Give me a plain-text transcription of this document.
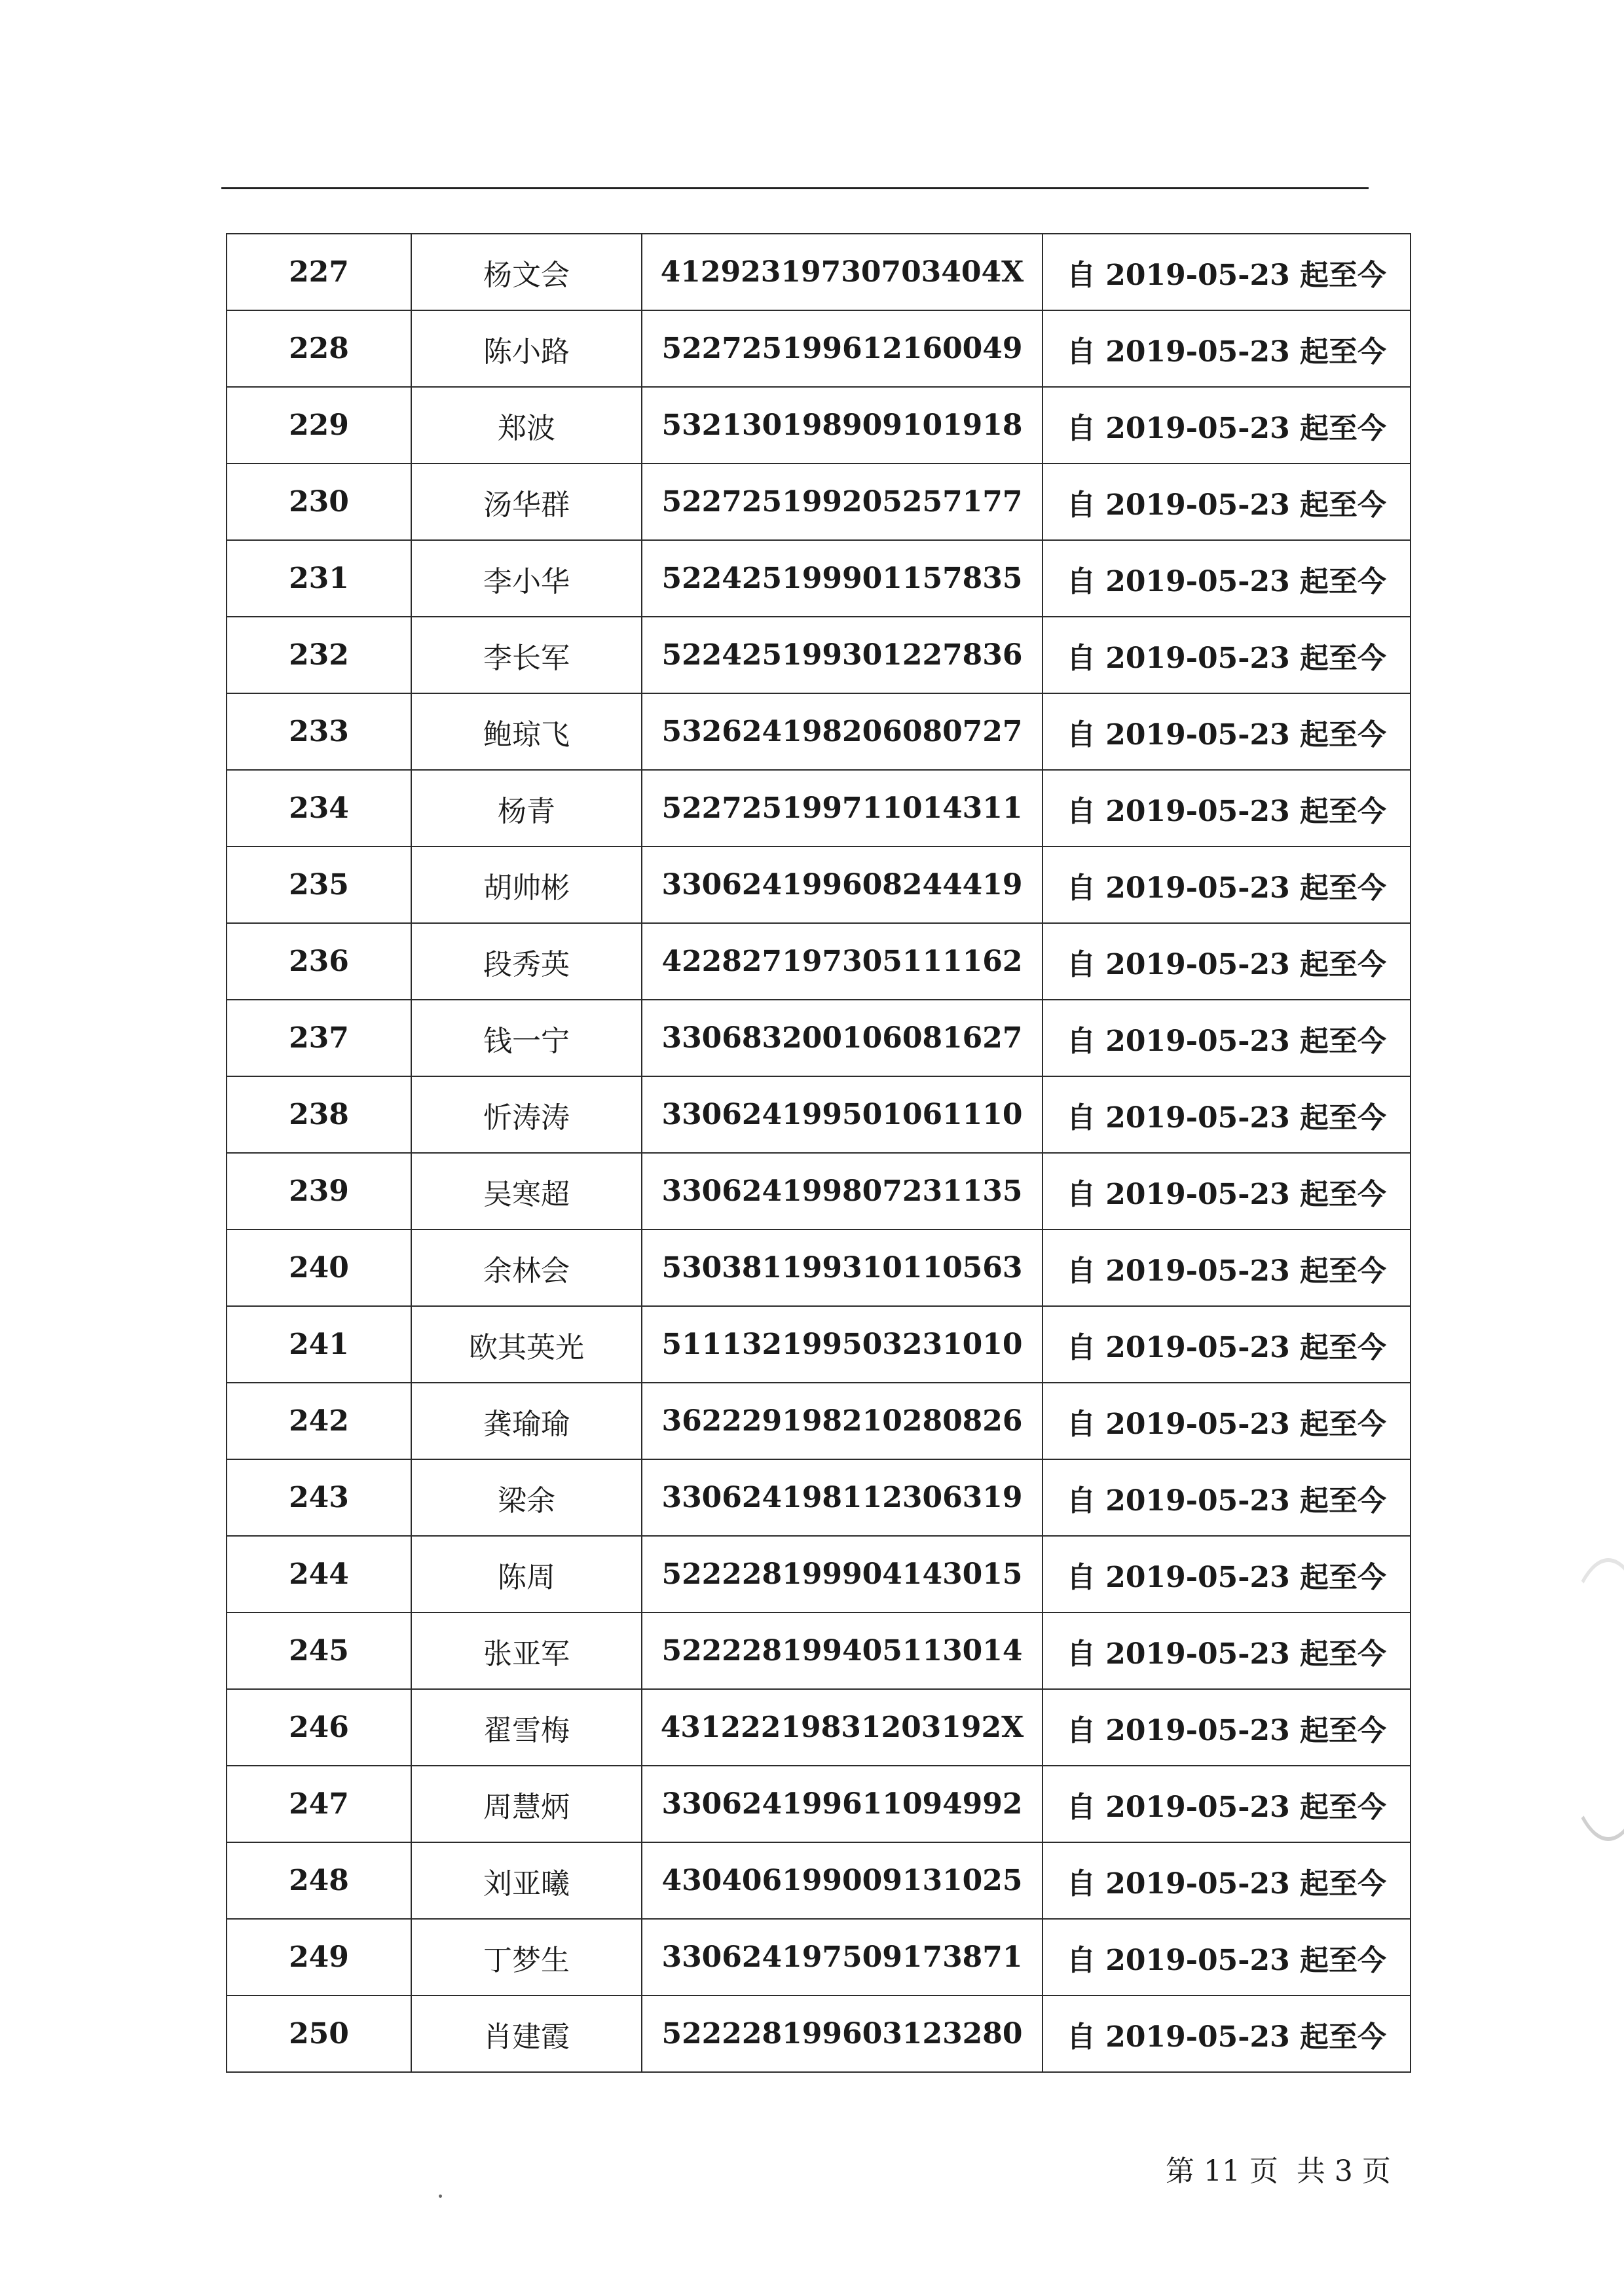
227	杨文会	41292319730703404X	自 2019-05-23 起至今
228	陈小路	522725199612160049	自 2019-05-23 起至今
229	郑波	532130198909101918	自 2019-05-23 起至今
230	汤华群	522725199205257177	自 2019-05-23 起至今
231	李小华	522425199901157835	自 2019-05-23 起至今
232	李长军	522425199301227836	自 2019-05-23 起至今
233	鲍琼飞	532624198206080727	自 2019-05-23 起至今
234	杨青	522725199711014311	自 2019-05-23 起至今
235	胡帅彬	330624199608244419	自 2019-05-23 起至今
236	段秀英	422827197305111162	自 2019-05-23 起至今
237	钱一宁	330683200106081627	自 2019-05-23 起至今
238	忻涛涛	330624199501061110	自 2019-05-23 起至今
239	吴寒超	330624199807231135	自 2019-05-23 起至今
240	余林会	530381199310110563	自 2019-05-23 起至今
241	欧其英光	511132199503231010	自 2019-05-23 起至今
242	龚瑜瑜	362229198210280826	自 2019-05-23 起至今
243	梁余	330624198112306319	自 2019-05-23 起至今
244	陈周	522228199904143015	自 2019-05-23 起至今
245	张亚军	522228199405113014	自 2019-05-23 起至今
246	翟雪梅	43122219831203192X	自 2019-05-23 起至今
247	周慧炳	330624199611094992	自 2019-05-23 起至今
248	刘亚曦	430406199009131025	自 2019-05-23 起至今
249	丁梦生	330624197509173871	自 2019-05-23 起至今
250	肖建霞	522228199603123280	自 2019-05-23 起至今
第 11 页  共 3 页
